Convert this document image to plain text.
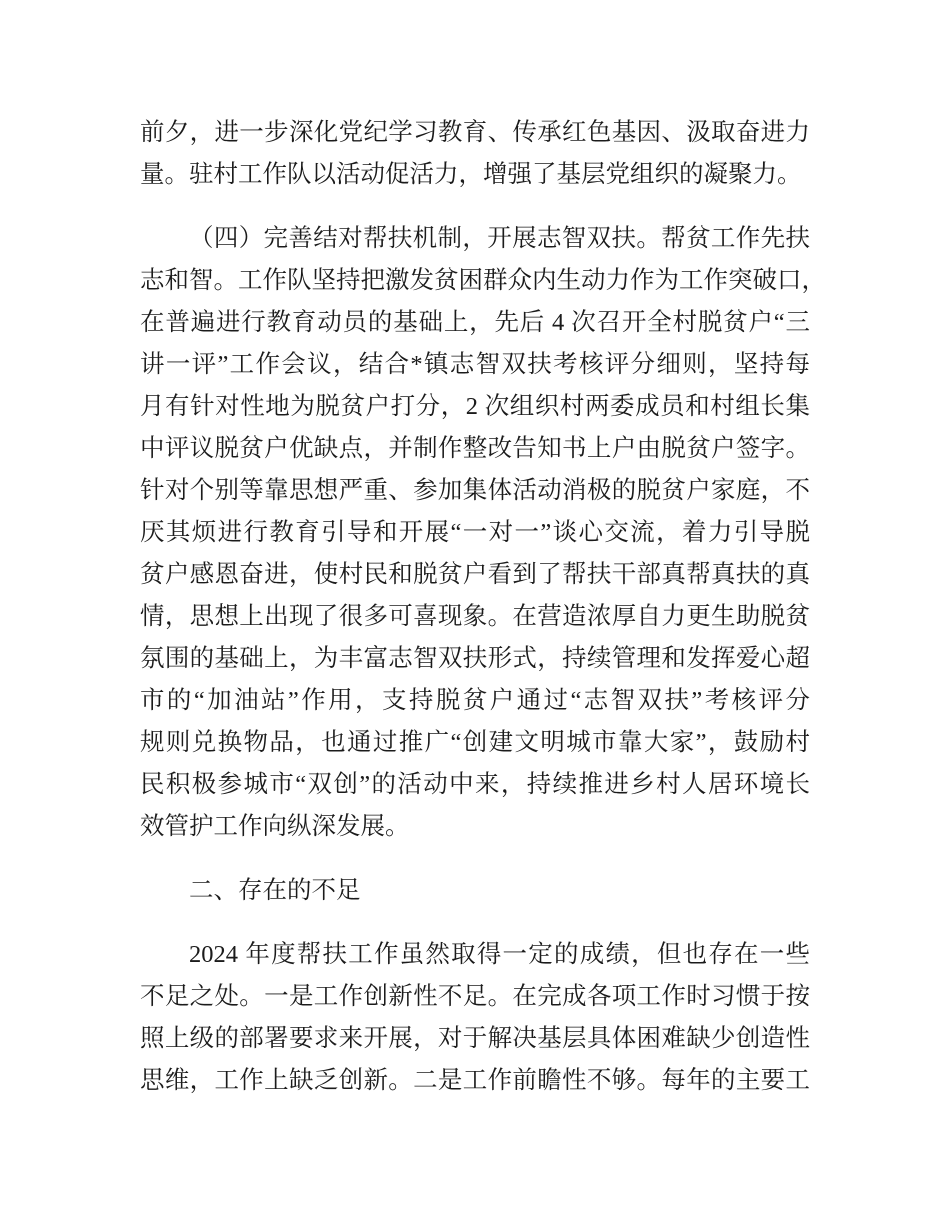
前夕，进一步深化党纪学习教育、传承红色基因、汲取奋进力
量。驻村工作队以活动促活力，增强了基层党组织的凝聚力。
（四）完善结对帮扶机制，开展志智双扶。帮贫工作先扶
志和智。工作队坚持把激发贫困群众内生动力作为工作突破口，
在普遍进行教育动员的基础上，先后 4 次召开全村脱贫户“三
讲一评”工作会议，结合*镇志智双扶考核评分细则，坚持每
月有针对性地为脱贫户打分，2 次组织村两委成员和村组长集
中评议脱贫户优缺点，并制作整改告知书上户由脱贫户签字。
针对个别等靠思想严重、参加集体活动消极的脱贫户家庭，不
厌其烦进行教育引导和开展“一对一”谈心交流，着力引导脱
贫户感恩奋进，使村民和脱贫户看到了帮扶干部真帮真扶的真
情，思想上出现了很多可喜现象。在营造浓厚自力更生助脱贫
氛围的基础上，为丰富志智双扶形式，持续管理和发挥爱心超
市的“加油站”作用，支持脱贫户通过“志智双扶”考核评分
规则兑换物品，也通过推广“创建文明城市靠大家”，鼓励村
民积极参城市“双创”的活动中来，持续推进乡村人居环境长
效管护工作向纵深发展。
二、存在的不足
2024 年度帮扶工作虽然取得一定的成绩，但也存在一些
不足之处。一是工作创新性不足。在完成各项工作时习惯于按
照上级的部署要求来开展，对于解决基层具体困难缺少创造性
思维，工作上缺乏创新。二是工作前瞻性不够。每年的主要工
